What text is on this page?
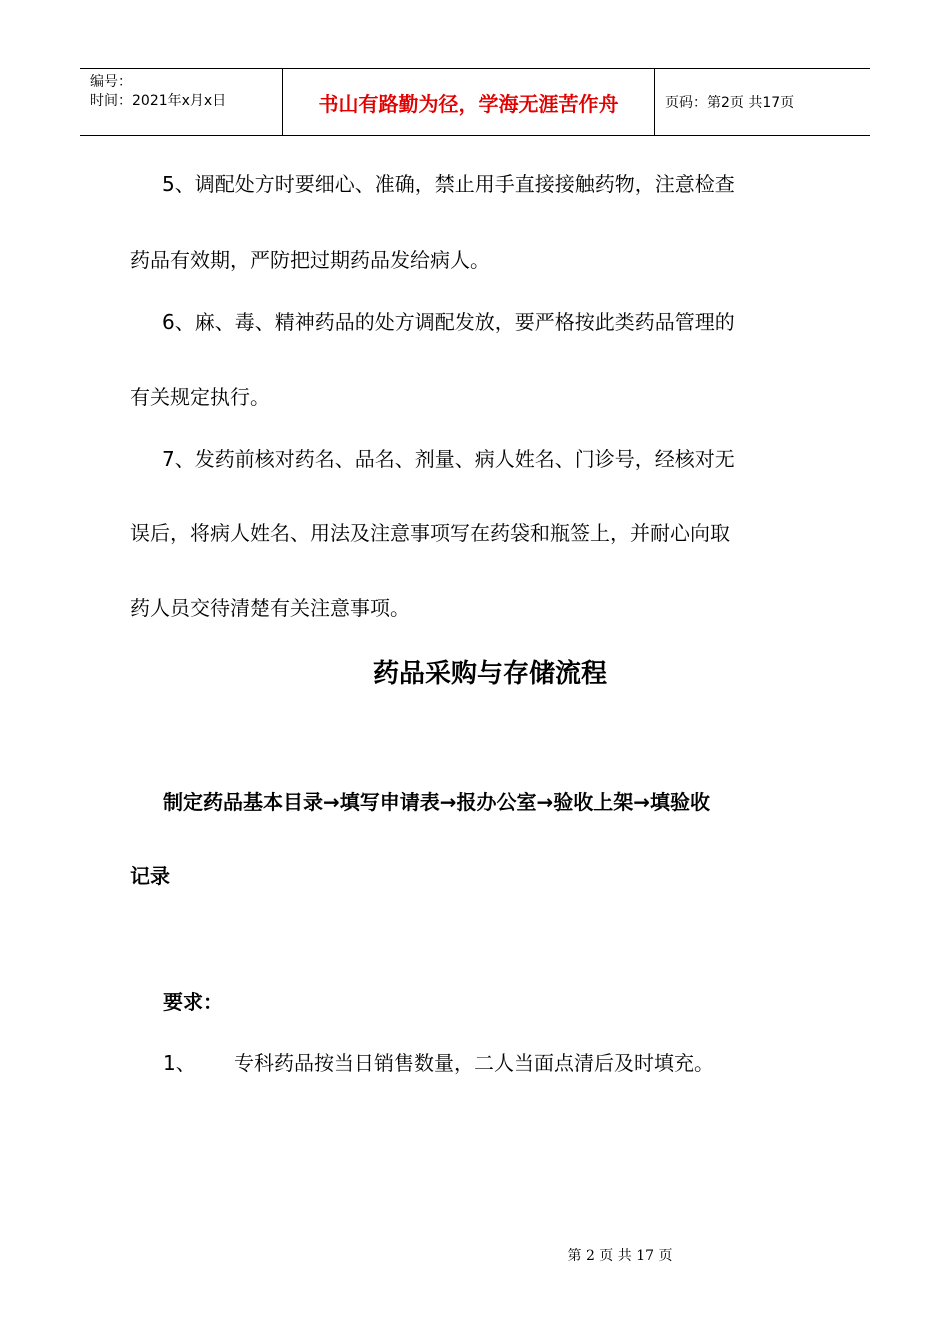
编号：
时间：2021年x月x日	书山有路勤为径，学海无涯苦作舟	页码：第2页 共17页
5、调配处方时要细心、准确，禁止用手直接接触药物，注意检查
药品有效期，严防把过期药品发给病人。
6、麻、毒、精神药品的处方调配发放，要严格按此类药品管理的
有关规定执行。
7、发药前核对药名、品名、剂量、病人姓名、门诊号，经核对无
误后，将病人姓名、用法及注意事项写在药袋和瓶签上，并耐心向取
药人员交待清楚有关注意事项。
药品采购与存储流程
制定药品基本目录→填写申请表→报办公室→验收上架→填验收
记录
要求：
1、 专科药品按当日销售数量，二人当面点清后及时填充。
第 2 页 共 17 页
